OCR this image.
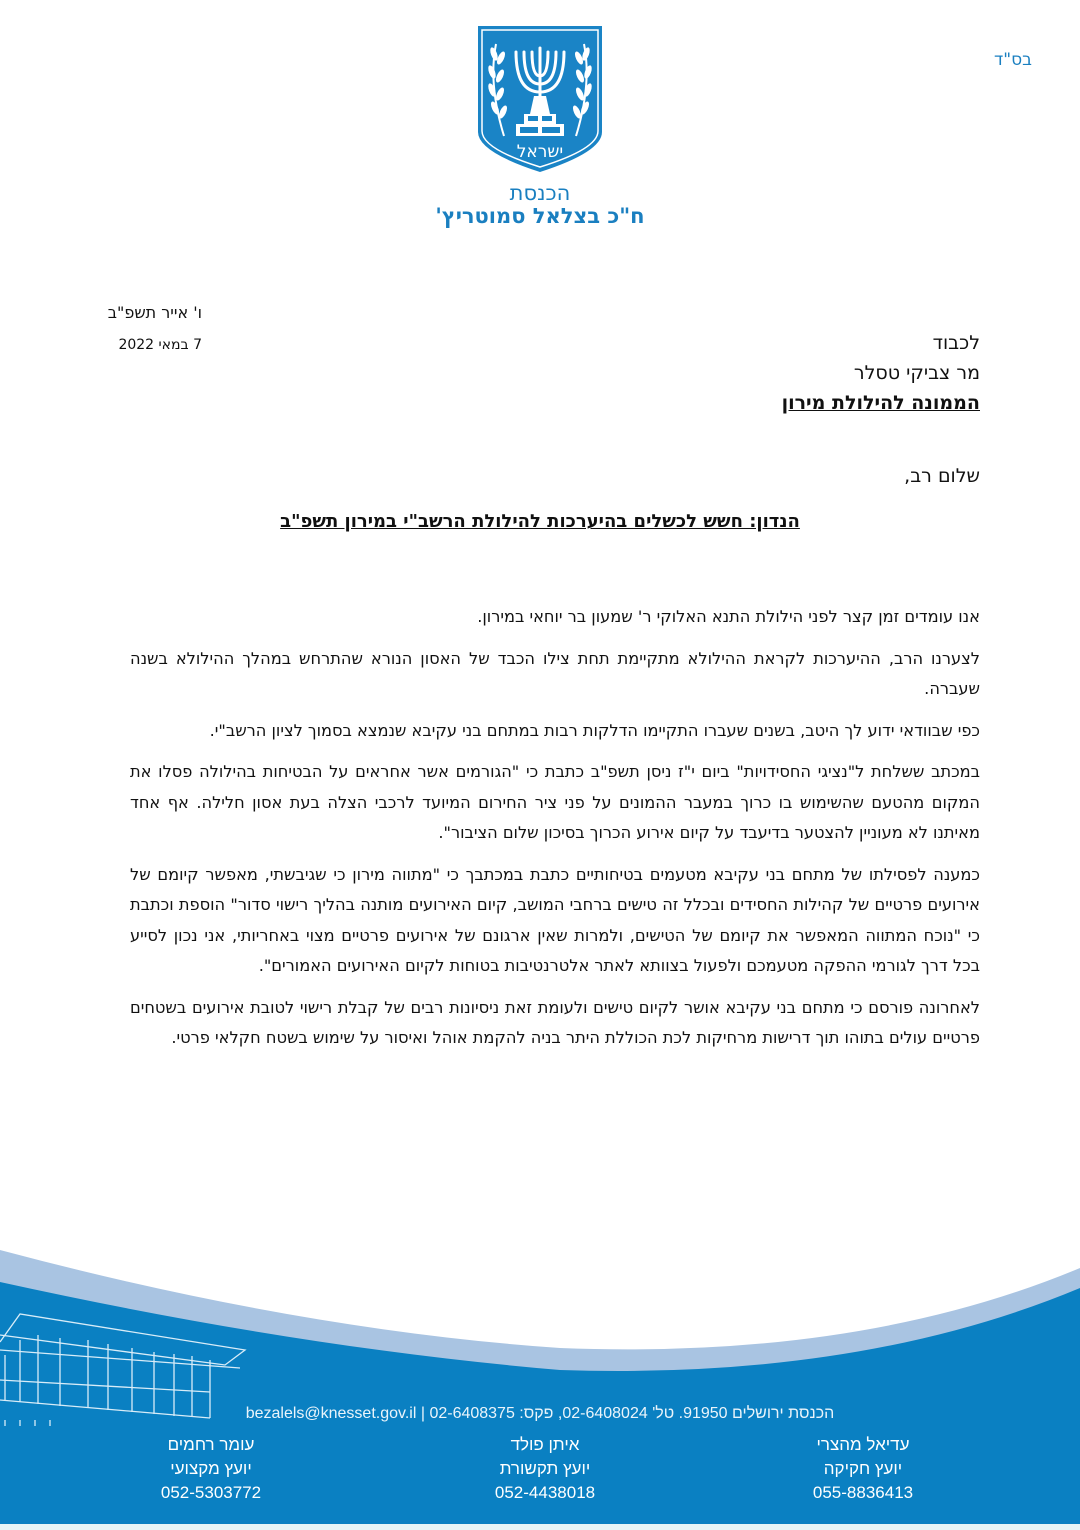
בס"ד
ישראל
הכנסת
ח"כ בצלאל סמוטריץ'
ו' אייר תשפ"ב
7 במאי 2022	לכבוד
מר צביקי טסלר
הממונה להילולת מירון
שלום רב,
הנדון: חשש לכשלים בהיערכות להילולת הרשב"י במירון תשפ"ב

אנו עומדים זמן קצר לפני הילולת התנא האלוקי ר' שמעון בר יוחאי במירון.

לצערנו הרב, ההיערכות לקראת ההילולא מתקיימת תחת צילו הכבד של האסון הנורא שהתרחש במהלך ההילולא בשנה שעברה.

כפי שבוודאי ידוע לך היטב, בשנים שעברו התקיימו הדלקות רבות במתחם בני עקיבא שנמצא בסמוך לציון הרשב"י.

במכתב ששלחת ל"נציגי החסידויות" ביום י"ז ניסן תשפ"ב כתבת כי "הגורמים אשר אחראים על הבטיחות בהילולה פסלו את המקום מהטעם שהשימוש בו כרוך במעבר ההמונים על פני ציר החירום המיועד לרכבי הצלה בעת אסון חלילה. אף אחד מאיתנו לא מעוניין להצטער בדיעבד על קיום אירוע הכרוך בסיכון שלום הציבור".

כמענה לפסילתו של מתחם בני עקיבא מטעמים בטיחותיים כתבת במכתבך כי "מתווה מירון כי שגיבשתי, מאפשר קיומם של אירועים פרטיים של קהילות החסידים ובכלל זה טישים ברחבי המושב, קיום האירועים מותנה בהליך רישוי סדור" הוספת וכתבת כי "נוכח המתווה המאפשר את קיומם של הטישים, ולמרות שאין ארגונם של אירועים פרטיים מצוי באחריותי, אני נכון לסייע בכל דרך לגורמי ההפקה מטעמכם ולפעול בצוותא לאתר אלטרנטיבות בטוחות לקיום האירועים האמורים".

לאחרונה פורסם כי מתחם בני עקיבא אושר לקיום טישים ולעומת זאת ניסיונות רבים של קבלת רישוי לטובת אירועים בשטחים פרטיים עולים בתוהו תוך דרישות מרחיקות לכת הכוללת היתר בניה להקמת אוהל ואיסור על שימוש בשטח חקלאי פרטי.

הכנסת ירושלים 91950. טל' 02-6408024, פקס: 02-6408375 | bezalels@knesset.gov.il
עדיאל מהצרי
יועץ חקיקה
055-8836413
איתן פולד
יועץ תקשורת
052-4438018
עומר רחמים
יועץ מקצועי
052-5303772
